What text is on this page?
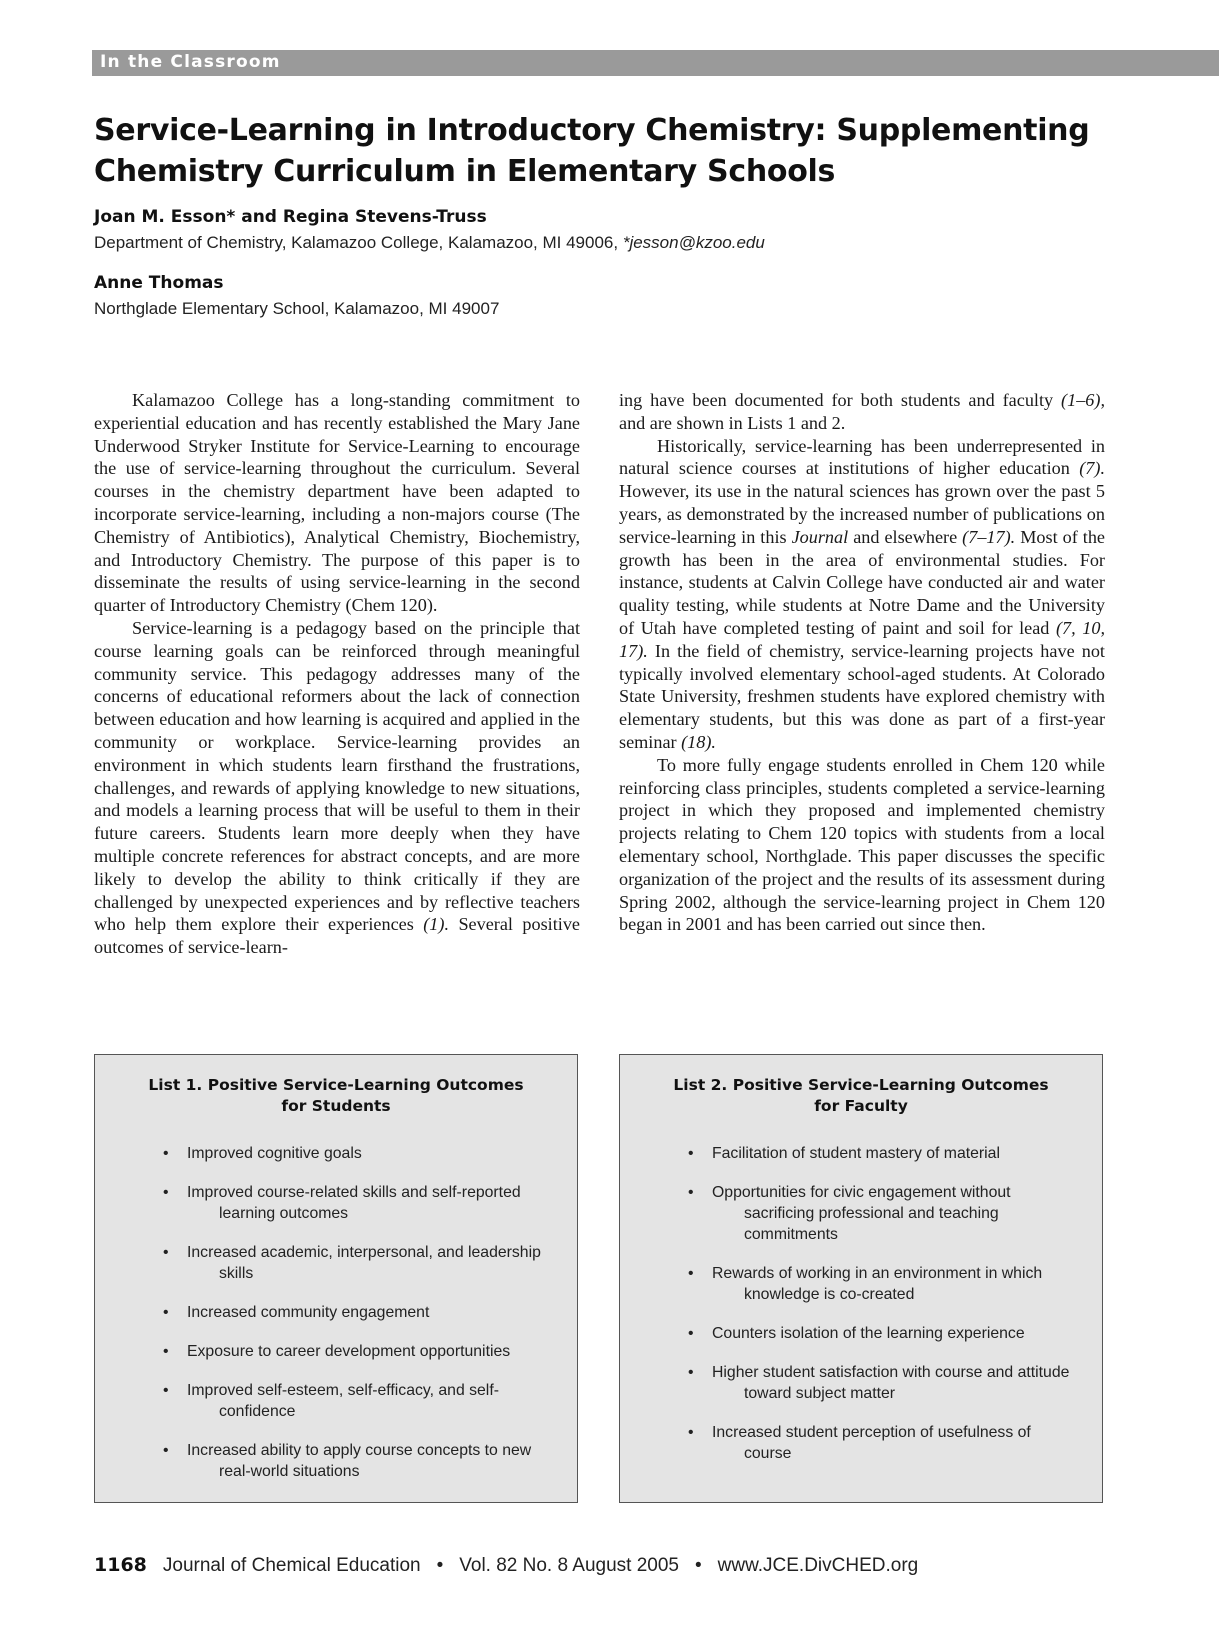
In the Classroom
Service-Learning in Introductory Chemistry: Supplementing Chemistry Curriculum in Elementary Schools
Joan M. Esson* and Regina Stevens-Truss
Department of Chemistry, Kalamazoo College, Kalamazoo, MI 49006, *jesson@kzoo.edu
Anne Thomas
Northglade Elementary School, Kalamazoo, MI 49007

Kalamazoo College has a long-standing commitment to experiential education and has recently established the Mary Jane Underwood Stryker Institute for Service-Learning to encourage the use of service-learning throughout the curriculum. Several courses in the chemistry department have been adapted to incorporate service-learning, including a non-majors course (The Chemistry of Antibiotics), Analytical Chemistry, Biochemistry, and Introductory Chemistry. The purpose of this paper is to disseminate the results of using service-learning in the second quarter of Introductory Chemistry (Chem 120).

Service-learning is a pedagogy based on the principle that course learning goals can be reinforced through meaningful community service. This pedagogy addresses many of the concerns of educational reformers about the lack of connection between education and how learning is acquired and applied in the community or workplace. Service-learning provides an environment in which students learn firsthand the frustrations, challenges, and rewards of applying knowledge to new situations, and models a learning process that will be useful to them in their future careers. Students learn more deeply when they have multiple concrete references for abstract concepts, and are more likely to develop the ability to think critically if they are challenged by unexpected experiences and by reflective teachers who help them explore their experiences (1). Several positive outcomes of service-learn-

ing have been documented for both students and faculty (1–6), and are shown in Lists 1 and 2.

Historically, service-learning has been underrepresented in natural science courses at institutions of higher education (7). However, its use in the natural sciences has grown over the past 5 years, as demonstrated by the increased number of publications on service-learning in this Journal and elsewhere (7–17). Most of the growth has been in the area of environmental studies. For instance, students at Calvin College have conducted air and water quality testing, while students at Notre Dame and the University of Utah have completed testing of paint and soil for lead (7, 10, 17). In the field of chemistry, service-learning projects have not typically involved elementary school-aged students. At Colorado State University, freshmen students have explored chemistry with elementary students, but this was done as part of a first-year seminar (18).

To more fully engage students enrolled in Chem 120 while reinforcing class principles, students completed a service-learning project in which they proposed and implemented chemistry projects relating to Chem 120 topics with students from a local elementary school, Northglade. This paper discusses the specific organization of the project and the results of its assessment during Spring 2002, although the service-learning project in Chem 120 began in 2001 and has been carried out since then.

List 1. Positive Service-Learning Outcomes for Students
• Improved cognitive goals
• Improved course-related skills and self-reported learning outcomes
• Increased academic, interpersonal, and leadership skills
• Increased community engagement
• Exposure to career development opportunities
• Improved self-esteem, self-efficacy, and self-confidence
• Increased ability to apply course concepts to new real-world situations
List 2. Positive Service-Learning Outcomes for Faculty
• Facilitation of student mastery of material
• Opportunities for civic engagement without sacrificing professional and teaching commitments
• Rewards of working in an environment in which knowledge is co-created
• Counters isolation of the learning experience
• Higher student satisfaction with course and attitude toward subject matter
• Increased student perception of usefulness of course
1168 Journal of Chemical Education • Vol. 82 No. 8 August 2005 • www.JCE.DivCHED.org
